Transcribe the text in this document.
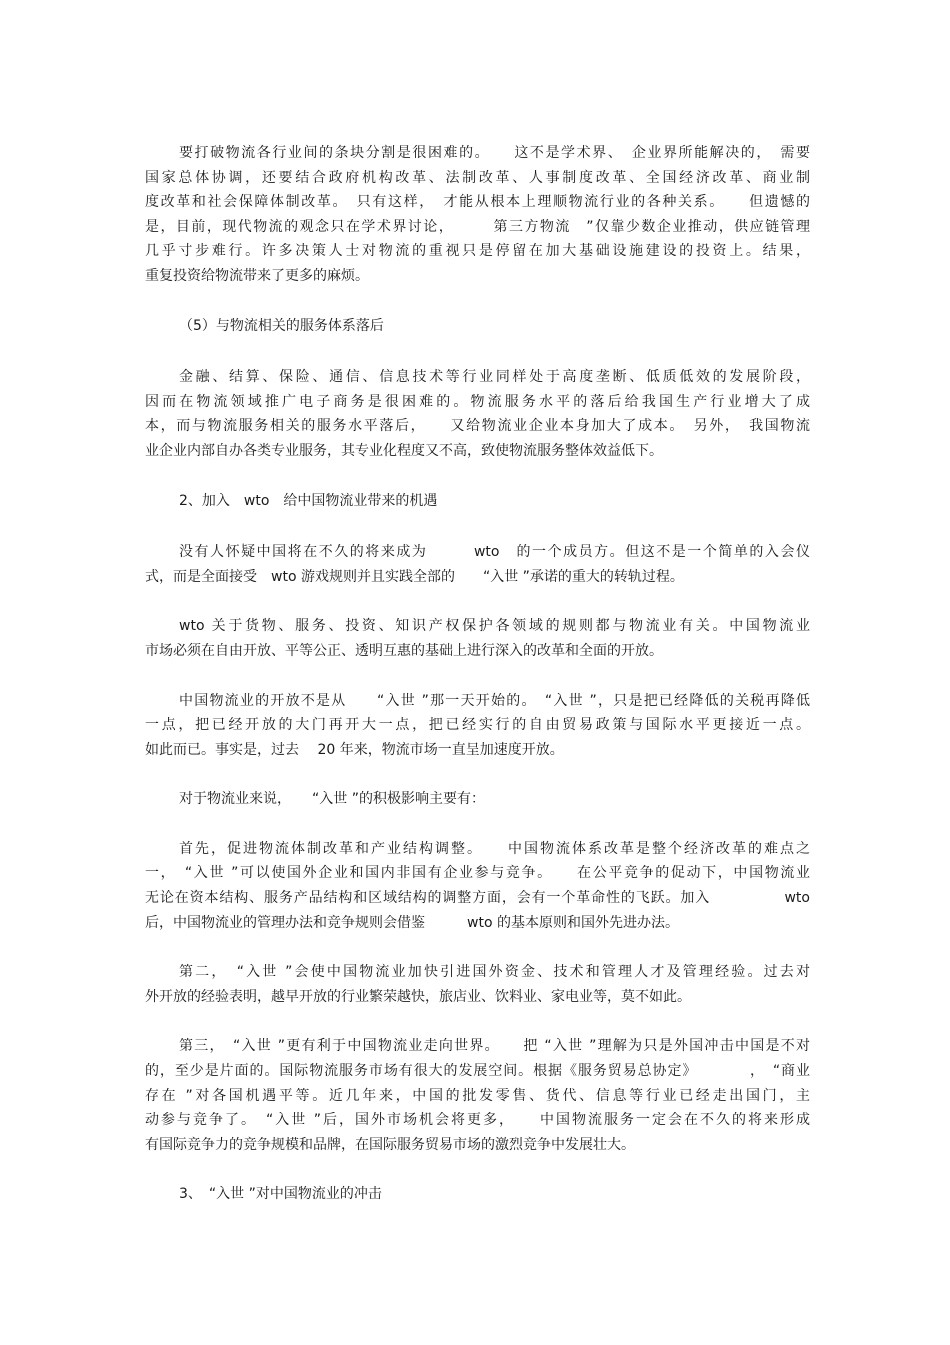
要打破物流各行业间的条块分割是很困难的。　　这不是学术界、　企业界所能解决的，　需要
国家总体协调，还要结合政府机构改革、法制改革、人事制度改革、全国经济改革、商业制
度改革和社会保障体制改革。　只有这样，　才能从根本上理顺物流行业的各种关系。　　但遗憾的
是，目前，现代物流的观念只在学术界讨论，　　　第三方物流　”仅靠少数企业推动，供应链管理
几乎寸步难行。许多决策人士对物流的重视只是停留在加大基础设施建设的投资上。结果，
重复投资给物流带来了更多的麻烦。
（5）与物流相关的服务体系落后
金融、结算、保险、通信、信息技术等行业同样处于高度垄断、低质低效的发展阶段，
因而在物流领域推广电子商务是很困难的。物流服务水平的落后给我国生产行业增大了成
本，而与物流服务相关的服务水平落后，　　又给物流业企业本身加大了成本。　另外，　我国物流
业企业内部自办各类专业服务，其专业化程度又不高，致使物流服务整体效益低下。
2、加入　wto　给中国物流业带来的机遇
没有人怀疑中国将在不久的将来成为　　　wto　的一个成员方。但这不是一个简单的入会仪
式，而是全面接受　wto 游戏规则并且实践全部的　　“入世 ”承诺的重大的转轨过程。
wto 关于货物、服务、投资、知识产权保护各领域的规则都与物流业有关。中国物流业
市场必须在自由开放、平等公正、透明互惠的基础上进行深入的改革和全面的开放。
中国物流业的开放不是从　　“入世 ”那一天开始的。　“入世 ”，只是把已经降低的关税再降低
一点，把已经开放的大门再开大一点，把已经实行的自由贸易政策与国际水平更接近一点。
如此而已。事实是，过去　 20 年来，物流市场一直呈加速度开放。
对于物流业来说，　　“入世 ”的积极影响主要有：
首先，促进物流体制改革和产业结构调整。　　中国物流体系改革是整个经济改革的难点之
一，　“入世 ”可以使国外企业和国内非国有企业参与竞争。　　在公平竞争的促动下，中国物流业
无论在资本结构、服务产品结构和区域结构的调整方面，会有一个革命性的飞跃。加入　　　　　wto
后，中国物流业的管理办法和竞争规则会借鉴　　　wto 的基本原则和国外先进办法。
第二，　“入世 ”会使中国物流业加快引进国外资金、技术和管理人才及管理经验。过去对
外开放的经验表明，越早开放的行业繁荣越快，旅店业、饮料业、家电业等，莫不如此。
第三，　“入世 ”更有利于中国物流业走向世界。　　把 “入世 ”理解为只是外国冲击中国是不对
的，至少是片面的。国际物流服务市场有很大的发展空间。根据《服务贸易总协定》　　　　，　“商业
存在 ”对各国机遇平等。近几年来，中国的批发零售、货代、信息等行业已经走出国门，主
动参与竞争了。　“入世 ”后，国外市场机会将更多，　　中国物流服务一定会在不久的将来形成
有国际竞争力的竞争规模和品牌，在国际服务贸易市场的激烈竞争中发展壮大。
3、　“入世 ”对中国物流业的冲击
